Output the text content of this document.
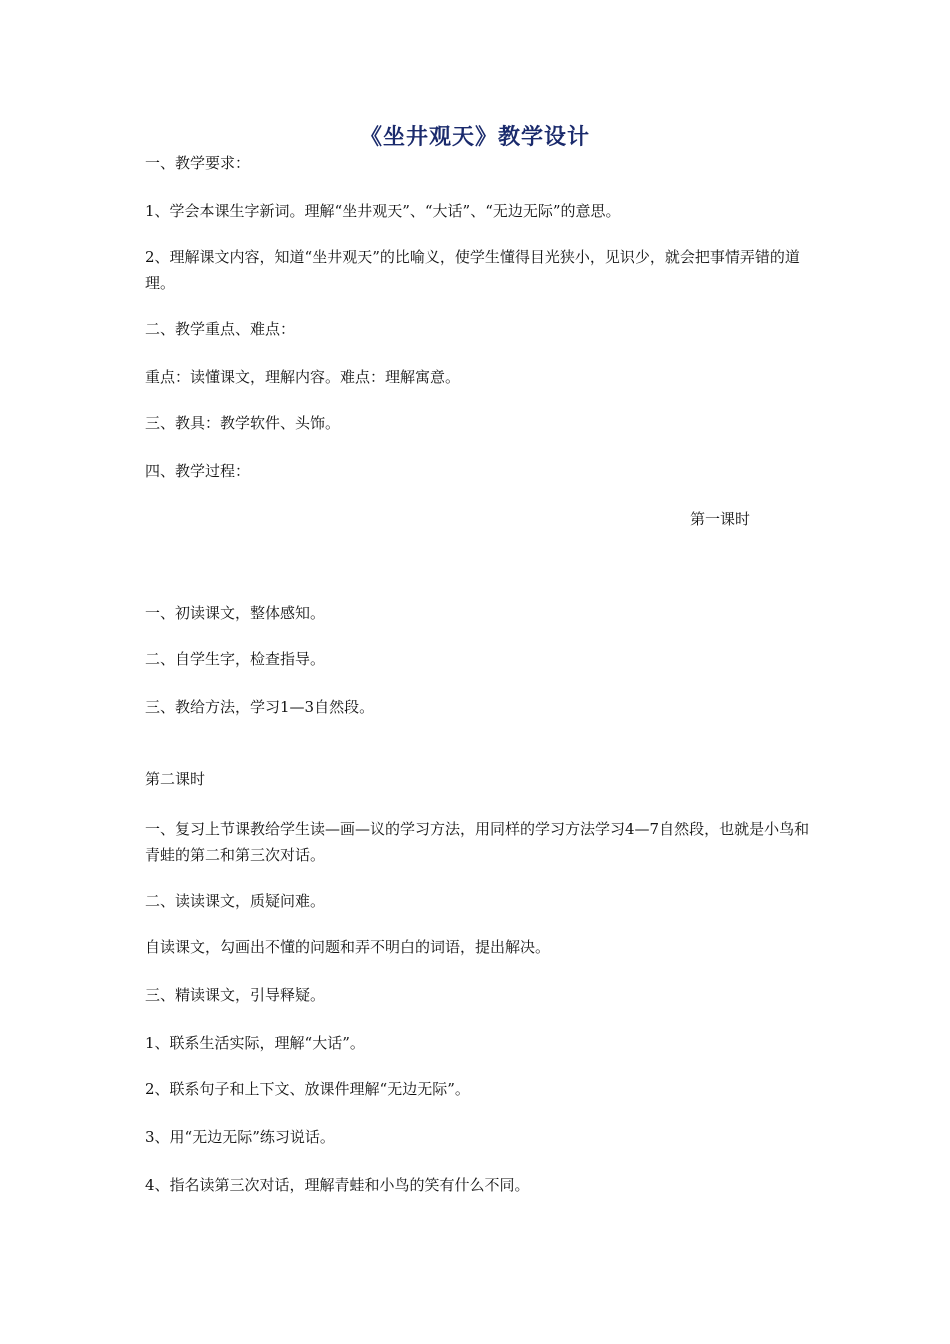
《坐井观天》教学设计
一、教学要求：
1、学会本课生字新词。理解“坐井观天”、“大话”、“无边无际”的意思。
2、理解课文内容，知道“坐井观天”的比喻义，使学生懂得目光狭小，见识少，就会把事情弄错的道理。
二、教学重点、难点：
重点：读懂课文，理解内容。难点：理解寓意。
三、教具：教学软件、头饰。
四、教学过程：
第一课时
一、初读课文，整体感知。
二、自学生字，检查指导。
三、教给方法，学习1—3自然段。
第二课时
一、复习上节课教给学生读—画—议的学习方法，用同样的学习方法学习4—7自然段，也就是小鸟和青蛙的第二和第三次对话。
二、读读课文，质疑问难。
自读课文，勾画出不懂的问题和弄不明白的词语，提出解决。
三、精读课文，引导释疑。
1、联系生活实际，理解“大话”。
2、联系句子和上下文、放课件理解“无边无际”。
3、用“无边无际”练习说话。
4、指名读第三次对话，理解青蛙和小鸟的笑有什么不同。
